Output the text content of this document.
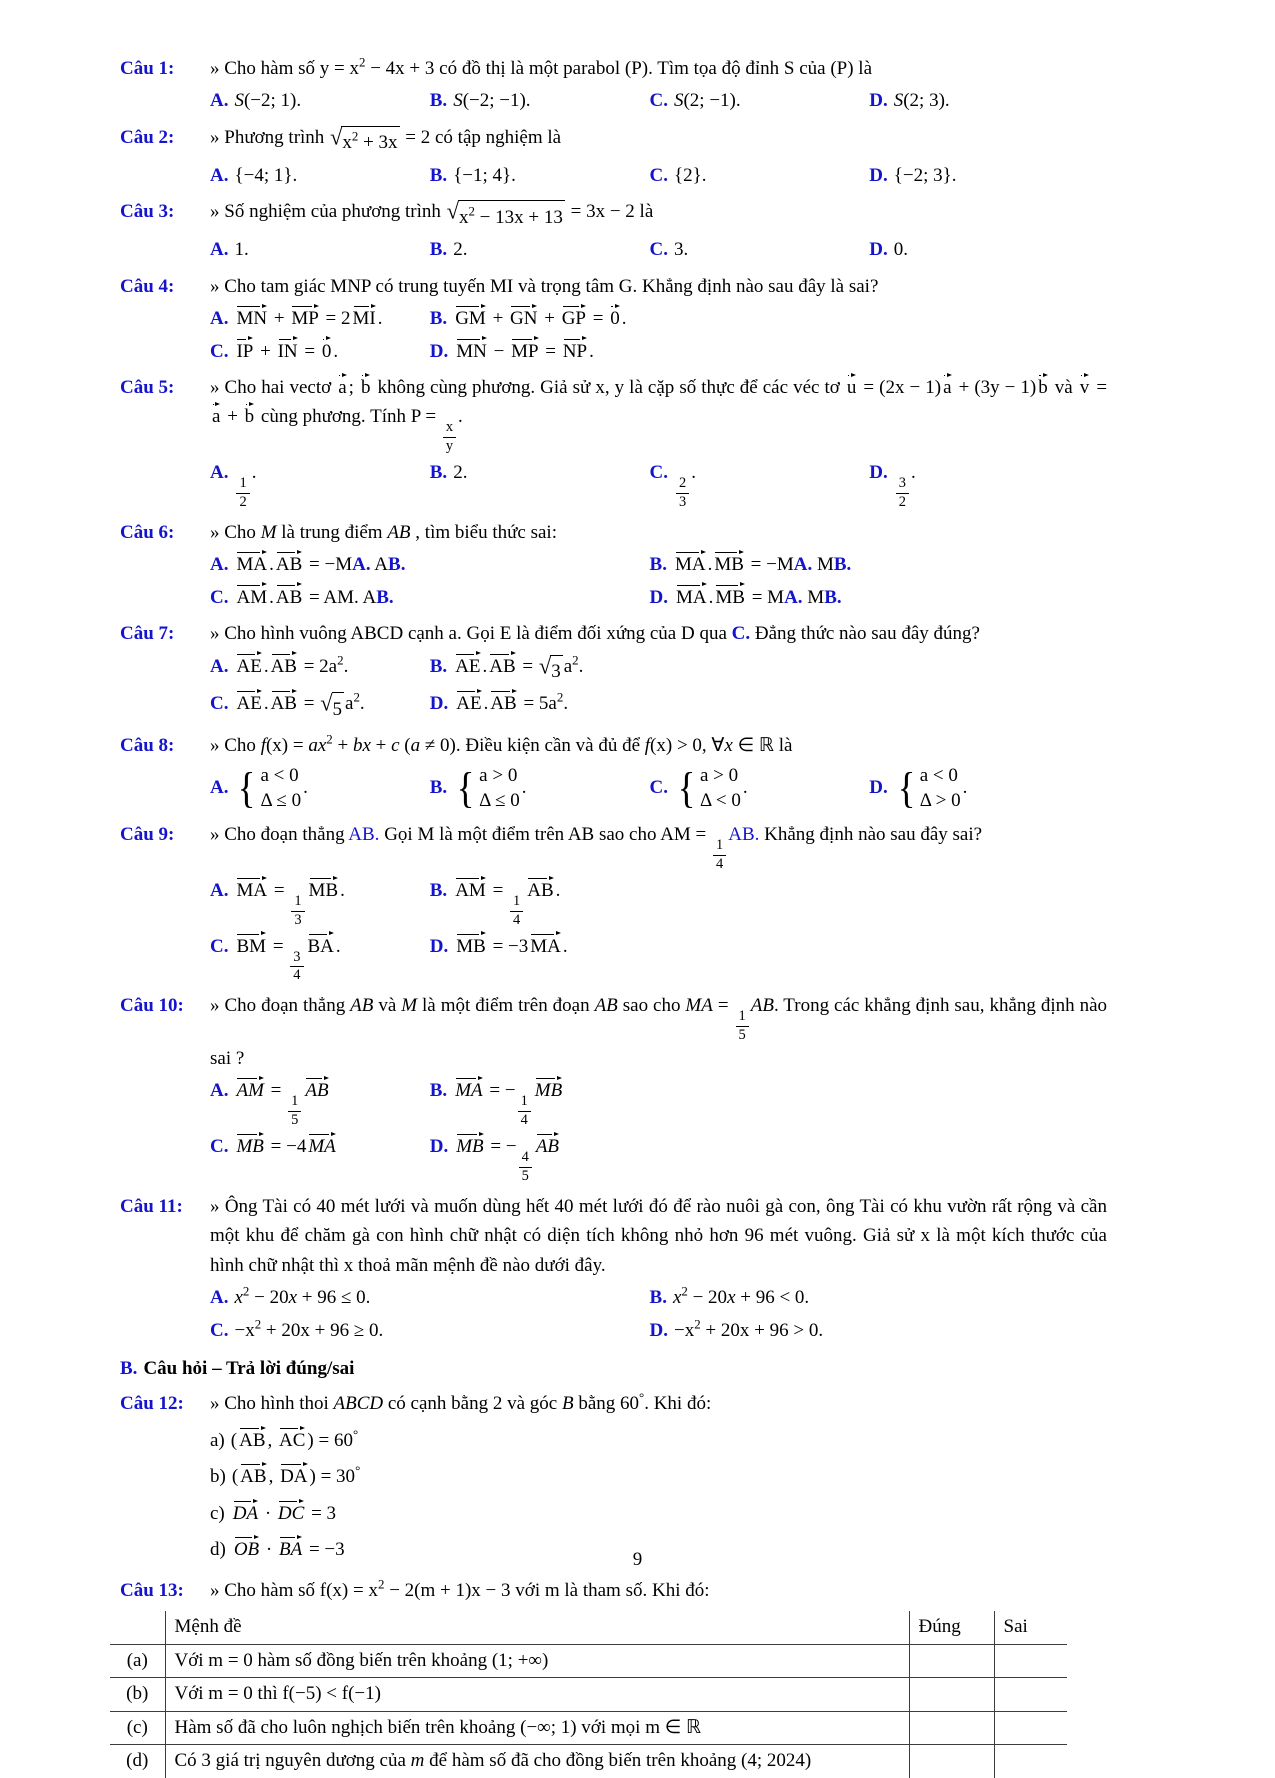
Câu 1:	» Cho hàm số $y = x^2 - 4x + 3$ có đồ thị là một parabol (P). Tìm tọa độ đỉnh S của (P) là
A. S(−2; 1).	B. S(−2; −1).	C. S(2; −1).	D. S(2; 3).
Câu 2:	» Phương trình √ $x^2 + 3x = 2$ có tập nghiệm là
A. {−4; 1}.	B. {−1; 4}.	C. {2}.	D. {−2; 3}.
Câu 3:	» Số nghiệm của phương trình √ $x^2 - 13x + 13 = 3x - 2$ là
A. 1.	B. 2.	C. 3.	D. 0.
Câu 4:	» Cho tam giác MNP có trung tuyến MI và trọng tâm G. Khẳng định nào sau đây là sai?
A. MN + MP = 2 MI .	B. GM + GN + GP = 0 .
C. IP + IN = 0 .	D. MN − MP = NP .
Câu 5:	» Cho hai vectơ a ; b không cùng phương. Giả sử x, y là cặp số thực để các véc tơ u = (2x − 1) a + (3y − 1) b và v = a + b cùng phương. Tính P =
$\frac{x}{y}$
.
A.
$\frac{1}{2}$
.	B. 2.	C.
$\frac{2}{3}$
.	D.
$\frac{3}{2}$
.
Câu 6:	» Cho M là trung điểm AB , tìm biểu thức sai:
A. MA . AB = −MA. AB.	B. MA . MB = −MA. MB.
C. AM . AB = AM. AB.	D. MA . MB = MA. MB.
Câu 7:	» Cho hình vuông ABCD cạnh a. Gọi E là điểm đối xứng của D qua C. Đẳng thức nào sau đây đúng?
A. AE . AB = $2a^2$.	B. AE . AB = √ 3 $a^2$.
C. AE . AB = √ 5 $a^2$.	D. AE . AB = $5a^2$.
Câu 8:	» Cho $f(x) = ax^2$ + bx + c (a ≠ 0). Điều kiện cần và đủ để f(x) > 0, ∀x ∈ ℝ là
A. { a < 0
Δ ≤ 0
.	B. { a > 0
Δ ≤ 0
.	C. { a > 0
Δ < 0
.	D. { a < 0
Δ > 0
.
Câu 9:	» Cho đoạn thẳng AB. Gọi M là một điểm trên AB sao cho AM =
$\frac{1}{4}$
AB. Khẳng định nào sau đây sai?
A. MA =
$\frac{1}{3}$
MB .	B. AM =
$\frac{1}{4}$
AB .
C. BM =
$\frac{3}{4}$
BA .	D. MB = −3 MA .
Câu 10:	» Cho đoạn thẳng AB và M là một điểm trên đoạn AB sao cho MA =
$\frac{1}{5}$
AB. Trong các khẳng định sau, khẳng định nào sai ?
A. AM =
$\frac{1}{5}$
AB	B. MA = −
$\frac{1}{4}$
MB
C. MB = −4 MA	D. MB = −
$\frac{4}{5}$
AB
Câu 11:	» Ông Tài có 40 mét lưới và muốn dùng hết 40 mét lưới đó để rào nuôi gà con, ông Tài có khu vườn rất rộng và cần một khu để chăm gà con hình chữ nhật có diện tích không nhỏ hơn 96 mét vuông. Giả sử x là một kích thước của hình chữ nhật thì x thoả mãn mệnh đề nào dưới đây.
A. $x^2 - 20x + 96 \le 0$.	B. $x^2 - 20x + 96 < 0$.
C. $-x^2 + 20x + 96 \ge 0$.	D. $-x^2 + 20x + 96 > 0$.
B. Câu hỏi – Trả lời đúng/sai
Câu 12:	» Cho hình thoi ABCD có cạnh bằng 2 và góc B bằng 60°. Khi đó:
a) ( AB , AC ) = 60°
b) ( AB , DA ) = 30°
c) DA · DC = 3
d) OB · BA = −3
Câu 13:	» Cho hàm số $f(x) = x^2 - 2(m + 1)x - 3$ với m là tham số. Khi đó:
	Mệnh đề	Đúng	Sai
(a)	Với m = 0 hàm số đồng biến trên khoảng (1; +∞)		
(b)	Với m = 0 thì f(−5) < f(−1)		
(c)	Hàm số đã cho luôn nghịch biến trên khoảng (−∞; 1) với mọi m ∈ ℝ		
(d)	Có 3 giá trị nguyên dương của m để hàm số đã cho đồng biến trên khoảng (4; 2024)		
9
